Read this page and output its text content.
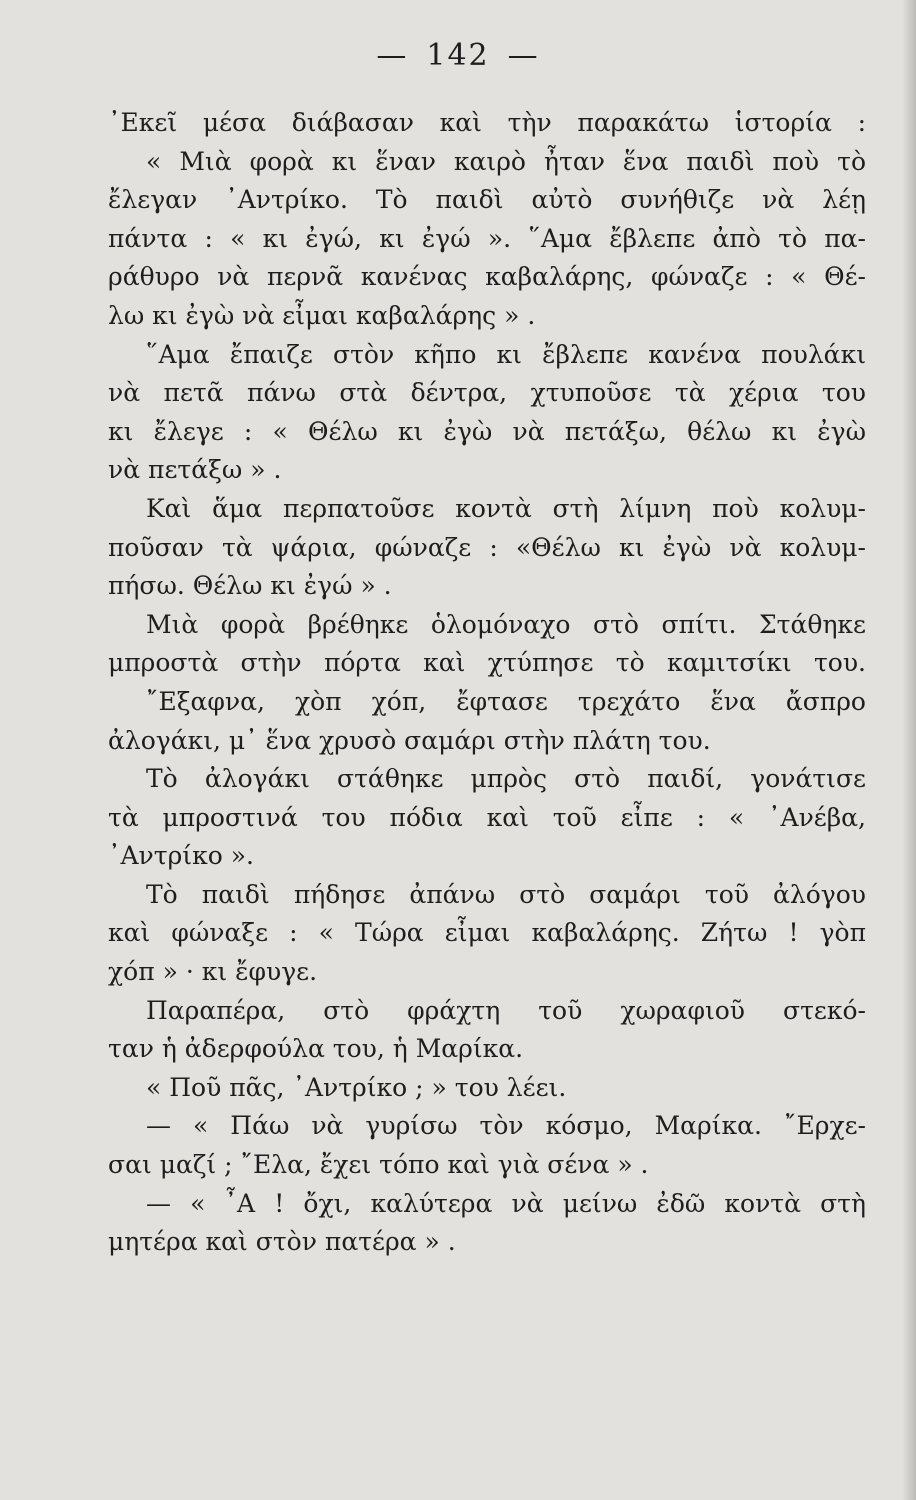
— 142 —
᾿Εκεῖ μέσα διάβασαν καὶ τὴν παρακάτω ἱστορία :
« Μιὰ φορὰ κι ἕναν καιρὸ ἦταν ἕνα παιδὶ ποὺ τὸ
ἔλεγαν ᾿Αντρίκο. Τὸ παιδὶ αὐτὸ συνήθιζε νὰ λέῃ
πάντα : « κι ἐγώ, κι ἐγώ ». ῞Αμα ἔβλεπε ἀπὸ τὸ πα-
ράθυρο νὰ περνᾶ κανένας καβαλάρης, φώναζε : « Θέ-
λω κι ἐγὼ νὰ εἶμαι καβαλάρης » .
῞Αμα ἔπαιζε στὸν κῆπο κι ἔβλεπε κανένα πουλάκι
νὰ πετᾶ πάνω στὰ δέντρα, χτυποῦσε τὰ χέρια του
κι ἔλεγε : « Θέλω κι ἐγὼ νὰ πετάξω, θέλω κι ἐγὼ
νὰ πετάξω » .
Καὶ ἅμα περπατοῦσε κοντὰ στὴ λίμνη ποὺ κολυμ-
ποῦσαν τὰ ψάρια, φώναζε : «Θέλω κι ἐγὼ νὰ κολυμ-
πήσω. Θέλω κι ἐγώ » .
Μιὰ φορὰ βρέθηκε ὁλομόναχο στὸ σπίτι. Στάθηκε
μπροστὰ στὴν πόρτα καὶ χτύπησε τὸ καμιτσίκι του.
῎Εξαφνα, χὸπ χόπ, ἔφτασε τρεχάτο ἕνα ἄσπρο
ἀλογάκι, μ᾿ ἕνα χρυσὸ σαμάρι στὴν πλάτη του.
Τὸ ἀλογάκι στάθηκε μπρὸς στὸ παιδί, γονάτισε
τὰ μπροστινά του πόδια καὶ τοῦ εἶπε : « ᾿Ανέβα,
᾿Αντρίκο ».
Τὸ παιδὶ πήδησε ἀπάνω στὸ σαμάρι τοῦ ἀλόγου
καὶ φώναξε : « Τώρα εἶμαι καβαλάρης. Ζήτω ! γὸπ
χόπ » · κι ἔφυγε.
Παραπέρα, στὸ φράχτη τοῦ χωραφιοῦ στεκό-
ταν ἡ ἀδερφούλα του, ἡ Μαρίκα.
« Ποῦ πᾶς, ᾿Αντρίκο ; » του λέει.
— « Πάω νὰ γυρίσω τὸν κόσμο, Μαρίκα. ῎Ερχε-
σαι μαζί ; ῎Ελα, ἔχει τόπο καὶ γιὰ σένα » .
— « ῏Α ! ὄχι, καλύτερα νὰ μείνω ἐδῶ κοντὰ στὴ
μητέρα καὶ στὸν πατέρα » .
